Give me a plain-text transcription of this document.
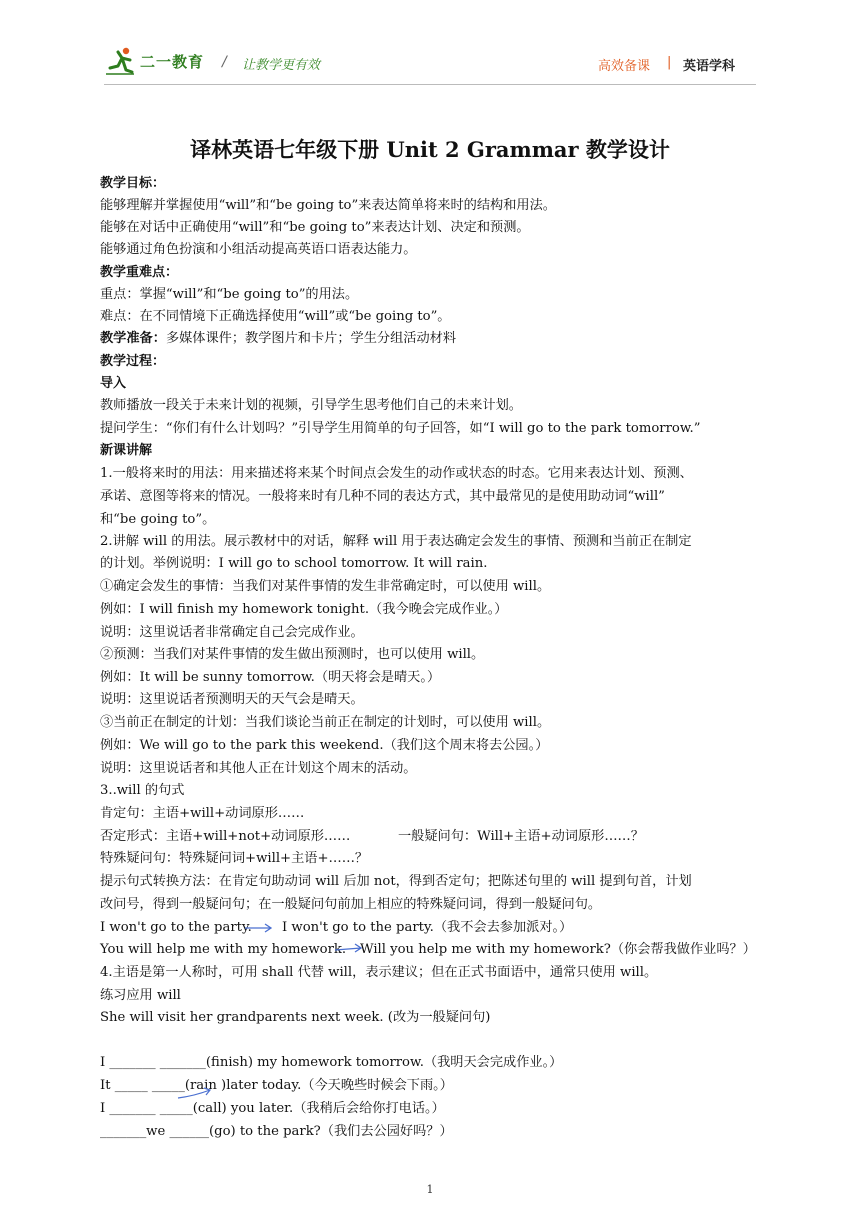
二一教育 / 让教学更有效	高效备课 | 英语学科
译林英语七年级下册 Unit 2 Grammar 教学设计
教学目标：
能够理解并掌握使用“will”和“be going to”来表达简单将来时的结构和用法。
能够在对话中正确使用“will”和“be going to”来表达计划、决定和预测。
能够通过角色扮演和小组活动提高英语口语表达能力。
教学重难点：
重点：掌握“will”和“be going to”的用法。
难点：在不同情境下正确选择使用“will”或“be going to”。
教学准备：多媒体课件；教学图片和卡片；学生分组活动材料
教学过程：
导入
教师播放一段关于未来计划的视频，引导学生思考他们自己的未来计划。
提问学生：“你们有什么计划吗？”引导学生用简单的句子回答，如“I will go to the park tomorrow.”
新课讲解
1.一般将来时的用法：用来描述将来某个时间点会发生的动作或状态的时态。它用来表达计划、预测、
承诺、意图等将来的情况。一般将来时有几种不同的表达方式，其中最常见的是使用助动词“will”
和“be going to”。
2.讲解 will 的用法。展示教材中的对话，解释 will 用于表达确定会发生的事情、预测和当前正在制定
的计划。举例说明：I will go to school tomorrow. It will rain.
①确定会发生的事情：当我们对某件事情的发生非常确定时，可以使用 will。
例如：I will finish my homework tonight.（我今晚会完成作业。）
说明：这里说话者非常确定自己会完成作业。
②预测：当我们对某件事情的发生做出预测时，也可以使用 will。
例如：It will be sunny tomorrow.（明天将会是晴天。）
说明：这里说话者预测明天的天气会是晴天。
③当前正在制定的计划：当我们谈论当前正在制定的计划时，可以使用 will。
例如：We will go to the park this weekend.（我们这个周末将去公园。）
说明：这里说话者和其他人正在计划这个周末的活动。
3..will 的句式
肯定句：主语+will+动词原形……
否定形式：主语+will+not+动词原形……	一般疑问句：Will+主语+动词原形……？
特殊疑问句：特殊疑问词+will+主语+……？
提示句式转换方法：在肯定句助动词 will 后加 not，得到否定句；把陈述句里的 will 提到句首，计划
改问号，得到一般疑问句；在一般疑问句前加上相应的特殊疑问词，得到一般疑问句。
I won't go to the party. I won't go to the party.（我不会去参加派对。）
You will help me with my homework. Will you help me with my homework?（你会帮我做作业吗？）
4.主语是第一人称时，可用 shall 代替 will，表示建议；但在正式书面语中，通常只使用 will。
练习应用 will
She will visit her grandparents next week. (改为一般疑问句)
I _______ _______(finish) my homework tomorrow.（我明天会完成作业。）
It _____ _____(rain )later today.（今天晚些时候会下雨。）
I _______ _____(call) you later.（我稍后会给你打电话。）
_______we ______(go) to the park?（我们去公园好吗？）
1
